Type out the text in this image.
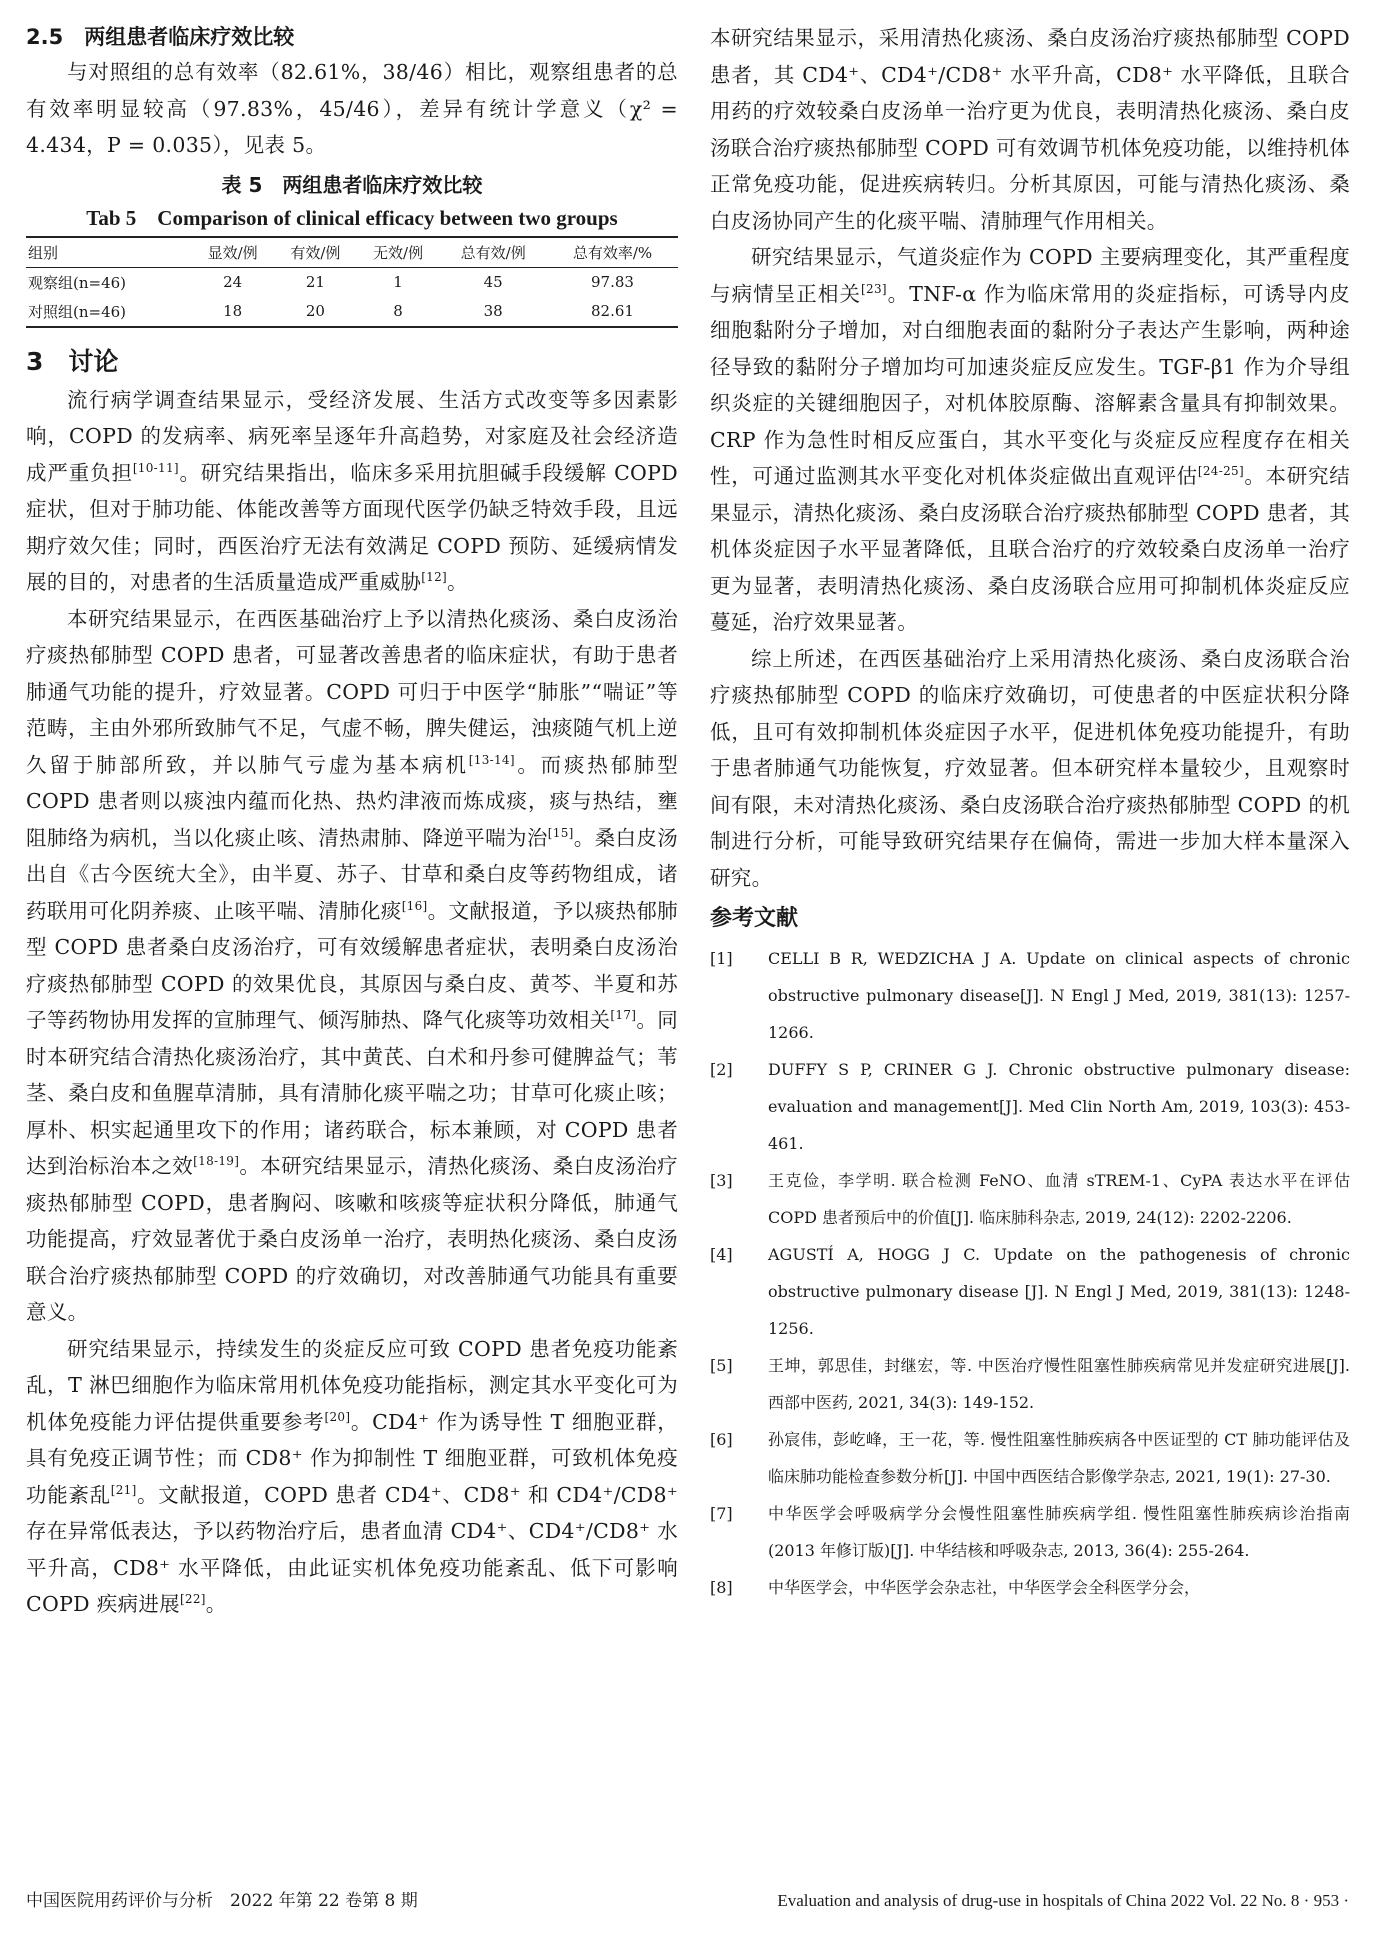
2.5　两组患者临床疗效比较

与对照组的总有效率（82.61%，38/46）相比，观察组患者的总有效率明显较高（97.83%，45/46），差异有统计学意义（χ² = 4.434，P = 0.035），见表 5。

表 5　两组患者临床疗效比较
Tab 5　Comparison of clinical efficacy between two groups
组别	显效/例	有效/例	无效/例	总有效/例	总有效率/%
观察组(n=46)	24	21	1	45	97.83
对照组(n=46)	18	20	8	38	82.61
3　讨论

流行病学调查结果显示，受经济发展、生活方式改变等多因素影响，COPD 的发病率、病死率呈逐年升高趋势，对家庭及社会经济造成严重负担[10-11]。研究结果指出，临床多采用抗胆碱手段缓解 COPD 症状，但对于肺功能、体能改善等方面现代医学仍缺乏特效手段，且远期疗效欠佳；同时，西医治疗无法有效满足 COPD 预防、延缓病情发展的目的，对患者的生活质量造成严重威胁[12]。

本研究结果显示，在西医基础治疗上予以清热化痰汤、桑白皮汤治疗痰热郁肺型 COPD 患者，可显著改善患者的临床症状，有助于患者肺通气功能的提升，疗效显著。COPD 可归于中医学“肺胀”“喘证”等范畴，主由外邪所致肺气不足，气虚不畅，脾失健运，浊痰随气机上逆久留于肺部所致，并以肺气亏虚为基本病机[13-14]。而痰热郁肺型 COPD 患者则以痰浊内蕴而化热、热灼津液而炼成痰，痰与热结，壅阻肺络为病机，当以化痰止咳、清热肃肺、降逆平喘为治[15]。桑白皮汤出自《古今医统大全》，由半夏、苏子、甘草和桑白皮等药物组成，诸药联用可化阴养痰、止咳平喘、清肺化痰[16]。文献报道，予以痰热郁肺型 COPD 患者桑白皮汤治疗，可有效缓解患者症状，表明桑白皮汤治疗痰热郁肺型 COPD 的效果优良，其原因与桑白皮、黄芩、半夏和苏子等药物协用发挥的宣肺理气、倾泻肺热、降气化痰等功效相关[17]。同时本研究结合清热化痰汤治疗，其中黄芪、白术和丹参可健脾益气；苇茎、桑白皮和鱼腥草清肺，具有清肺化痰平喘之功；甘草可化痰止咳；厚朴、枳实起通里攻下的作用；诸药联合，标本兼顾，对 COPD 患者达到治标治本之效[18-19]。本研究结果显示，清热化痰汤、桑白皮汤治疗痰热郁肺型 COPD，患者胸闷、咳嗽和咳痰等症状积分降低，肺通气功能提高，疗效显著优于桑白皮汤单一治疗，表明热化痰汤、桑白皮汤联合治疗痰热郁肺型 COPD 的疗效确切，对改善肺通气功能具有重要意义。

研究结果显示，持续发生的炎症反应可致 COPD 患者免疫功能紊乱，T 淋巴细胞作为临床常用机体免疫功能指标，测定其水平变化可为机体免疫能力评估提供重要参考[20]。CD4⁺ 作为诱导性 T 细胞亚群，具有免疫正调节性；而 CD8⁺ 作为抑制性 T 细胞亚群，可致机体免疫功能紊乱[21]。文献报道，COPD 患者 CD4⁺、CD8⁺ 和 CD4⁺/CD8⁺ 存在异常低表达，予以药物治疗后，患者血清 CD4⁺、CD4⁺/CD8⁺ 水平升高，CD8⁺ 水平降低，由此证实机体免疫功能紊乱、低下可影响 COPD 疾病进展[22]。

本研究结果显示，采用清热化痰汤、桑白皮汤治疗痰热郁肺型 COPD 患者，其 CD4⁺、CD4⁺/CD8⁺ 水平升高，CD8⁺ 水平降低，且联合用药的疗效较桑白皮汤单一治疗更为优良，表明清热化痰汤、桑白皮汤联合治疗痰热郁肺型 COPD 可有效调节机体免疫功能，以维持机体正常免疫功能，促进疾病转归。分析其原因，可能与清热化痰汤、桑白皮汤协同产生的化痰平喘、清肺理气作用相关。

研究结果显示，气道炎症作为 COPD 主要病理变化，其严重程度与病情呈正相关[23]。TNF-α 作为临床常用的炎症指标，可诱导内皮细胞黏附分子增加，对白细胞表面的黏附分子表达产生影响，两种途径导致的黏附分子增加均可加速炎症反应发生。TGF-β1 作为介导组织炎症的关键细胞因子，对机体胶原酶、溶解素含量具有抑制效果。CRP 作为急性时相反应蛋白，其水平变化与炎症反应程度存在相关性，可通过监测其水平变化对机体炎症做出直观评估[24-25]。本研究结果显示，清热化痰汤、桑白皮汤联合治疗痰热郁肺型 COPD 患者，其机体炎症因子水平显著降低，且联合治疗的疗效较桑白皮汤单一治疗更为显著，表明清热化痰汤、桑白皮汤联合应用可抑制机体炎症反应蔓延，治疗效果显著。

综上所述，在西医基础治疗上采用清热化痰汤、桑白皮汤联合治疗痰热郁肺型 COPD 的临床疗效确切，可使患者的中医症状积分降低，且可有效抑制机体炎症因子水平，促进机体免疫功能提升，有助于患者肺通气功能恢复，疗效显著。但本研究样本量较少，且观察时间有限，未对清热化痰汤、桑白皮汤联合治疗痰热郁肺型 COPD 的机制进行分析，可能导致研究结果存在偏倚，需进一步加大样本量深入研究。

参考文献
[1]	CELLI B R, WEDZICHA J A. Update on clinical aspects of chronic obstructive pulmonary disease[J]. N Engl J Med, 2019, 381(13): 1257-1266.
[2]	DUFFY S P, CRINER G J. Chronic obstructive pulmonary disease: evaluation and management[J]. Med Clin North Am, 2019, 103(3): 453-461.
[3]	王克俭，李学明. 联合检测 FeNO、血清 sTREM-1、CyPA 表达水平在评估 COPD 患者预后中的价值[J]. 临床肺科杂志, 2019, 24(12): 2202-2206.
[4]	AGUSTÍ A, HOGG J C. Update on the pathogenesis of chronic obstructive pulmonary disease [J]. N Engl J Med, 2019, 381(13): 1248-1256.
[5]	王坤，郭思佳，封继宏，等. 中医治疗慢性阻塞性肺疾病常见并发症研究进展[J]. 西部中医药, 2021, 34(3): 149-152.
[6]	孙宸伟，彭屹峰，王一花，等. 慢性阻塞性肺疾病各中医证型的 CT 肺功能评估及临床肺功能检查参数分析[J]. 中国中西医结合影像学杂志, 2021, 19(1): 27-30.
[7]	中华医学会呼吸病学分会慢性阻塞性肺疾病学组. 慢性阻塞性肺疾病诊治指南(2013 年修订版)[J]. 中华结核和呼吸杂志, 2013, 36(4): 255-264.
[8]	中华医学会，中华医学会杂志社，中华医学会全科医学分会，
中国医院用药评价与分析　2022 年第 22 卷第 8 期	Evaluation and analysis of drug-use in hospitals of China 2022 Vol. 22 No. 8 · 953 ·
